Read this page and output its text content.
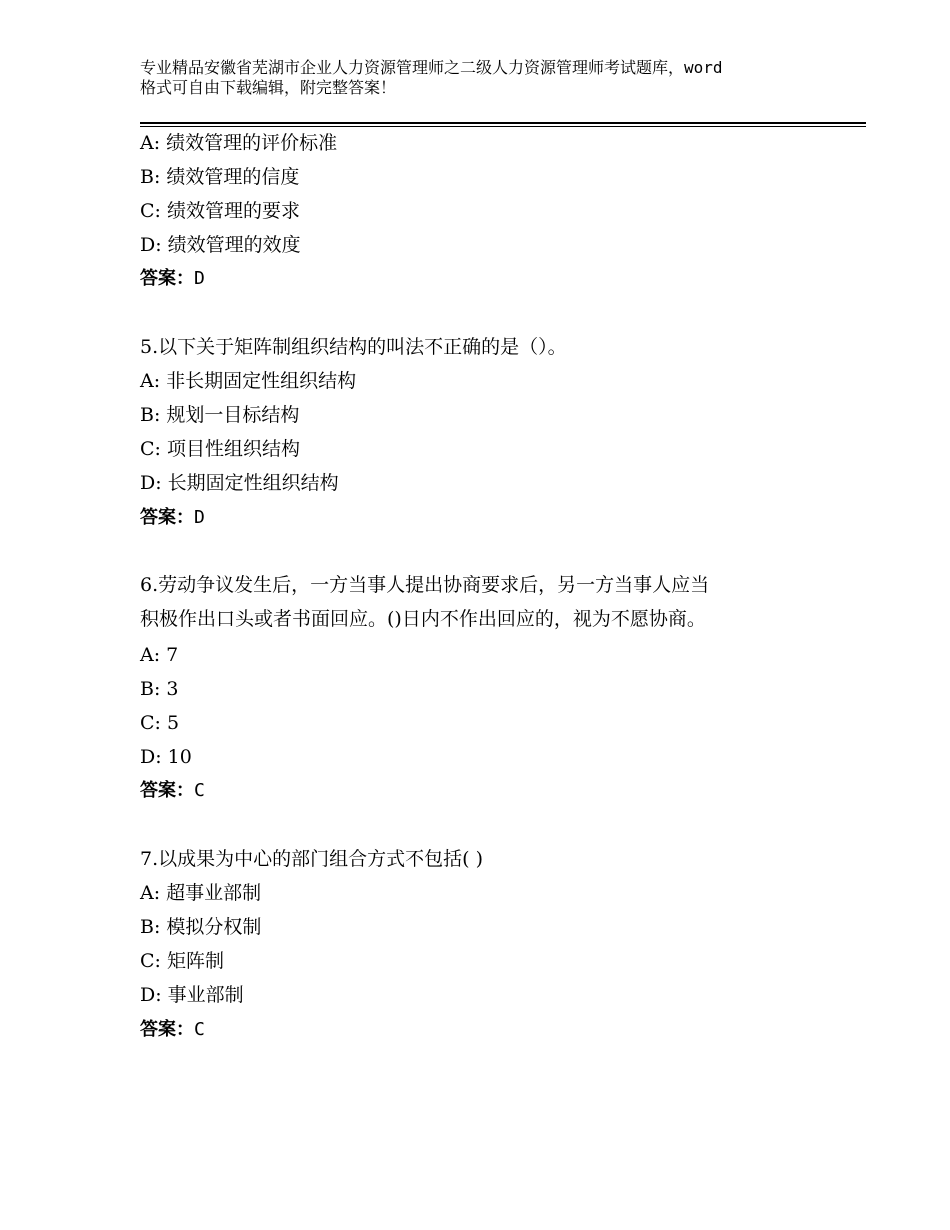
专业精品安徽省芜湖市企业人力资源管理师之二级人力资源管理师考试题库，word
格式可自由下载编辑，附完整答案！
A: 绩效管理的评价标准
B: 绩效管理的信度
C: 绩效管理的要求
D: 绩效管理的效度
答案：D
5.以下关于矩阵制组织结构的叫法不正确的是（）。
A: 非长期固定性组织结构
B: 规划一目标结构
C: 项目性组织结构
D: 长期固定性组织结构
答案：D
6.劳动争议发生后，一方当事人提出协商要求后，另一方当事人应当
积极作出口头或者书面回应。()日内不作出回应的，视为不愿协商。
A: 7
B: 3
C: 5
D: 10
答案：C
7.以成果为中心的部门组合方式不包括( )
A: 超事业部制
B: 模拟分权制
C: 矩阵制
D: 事业部制
答案：C
